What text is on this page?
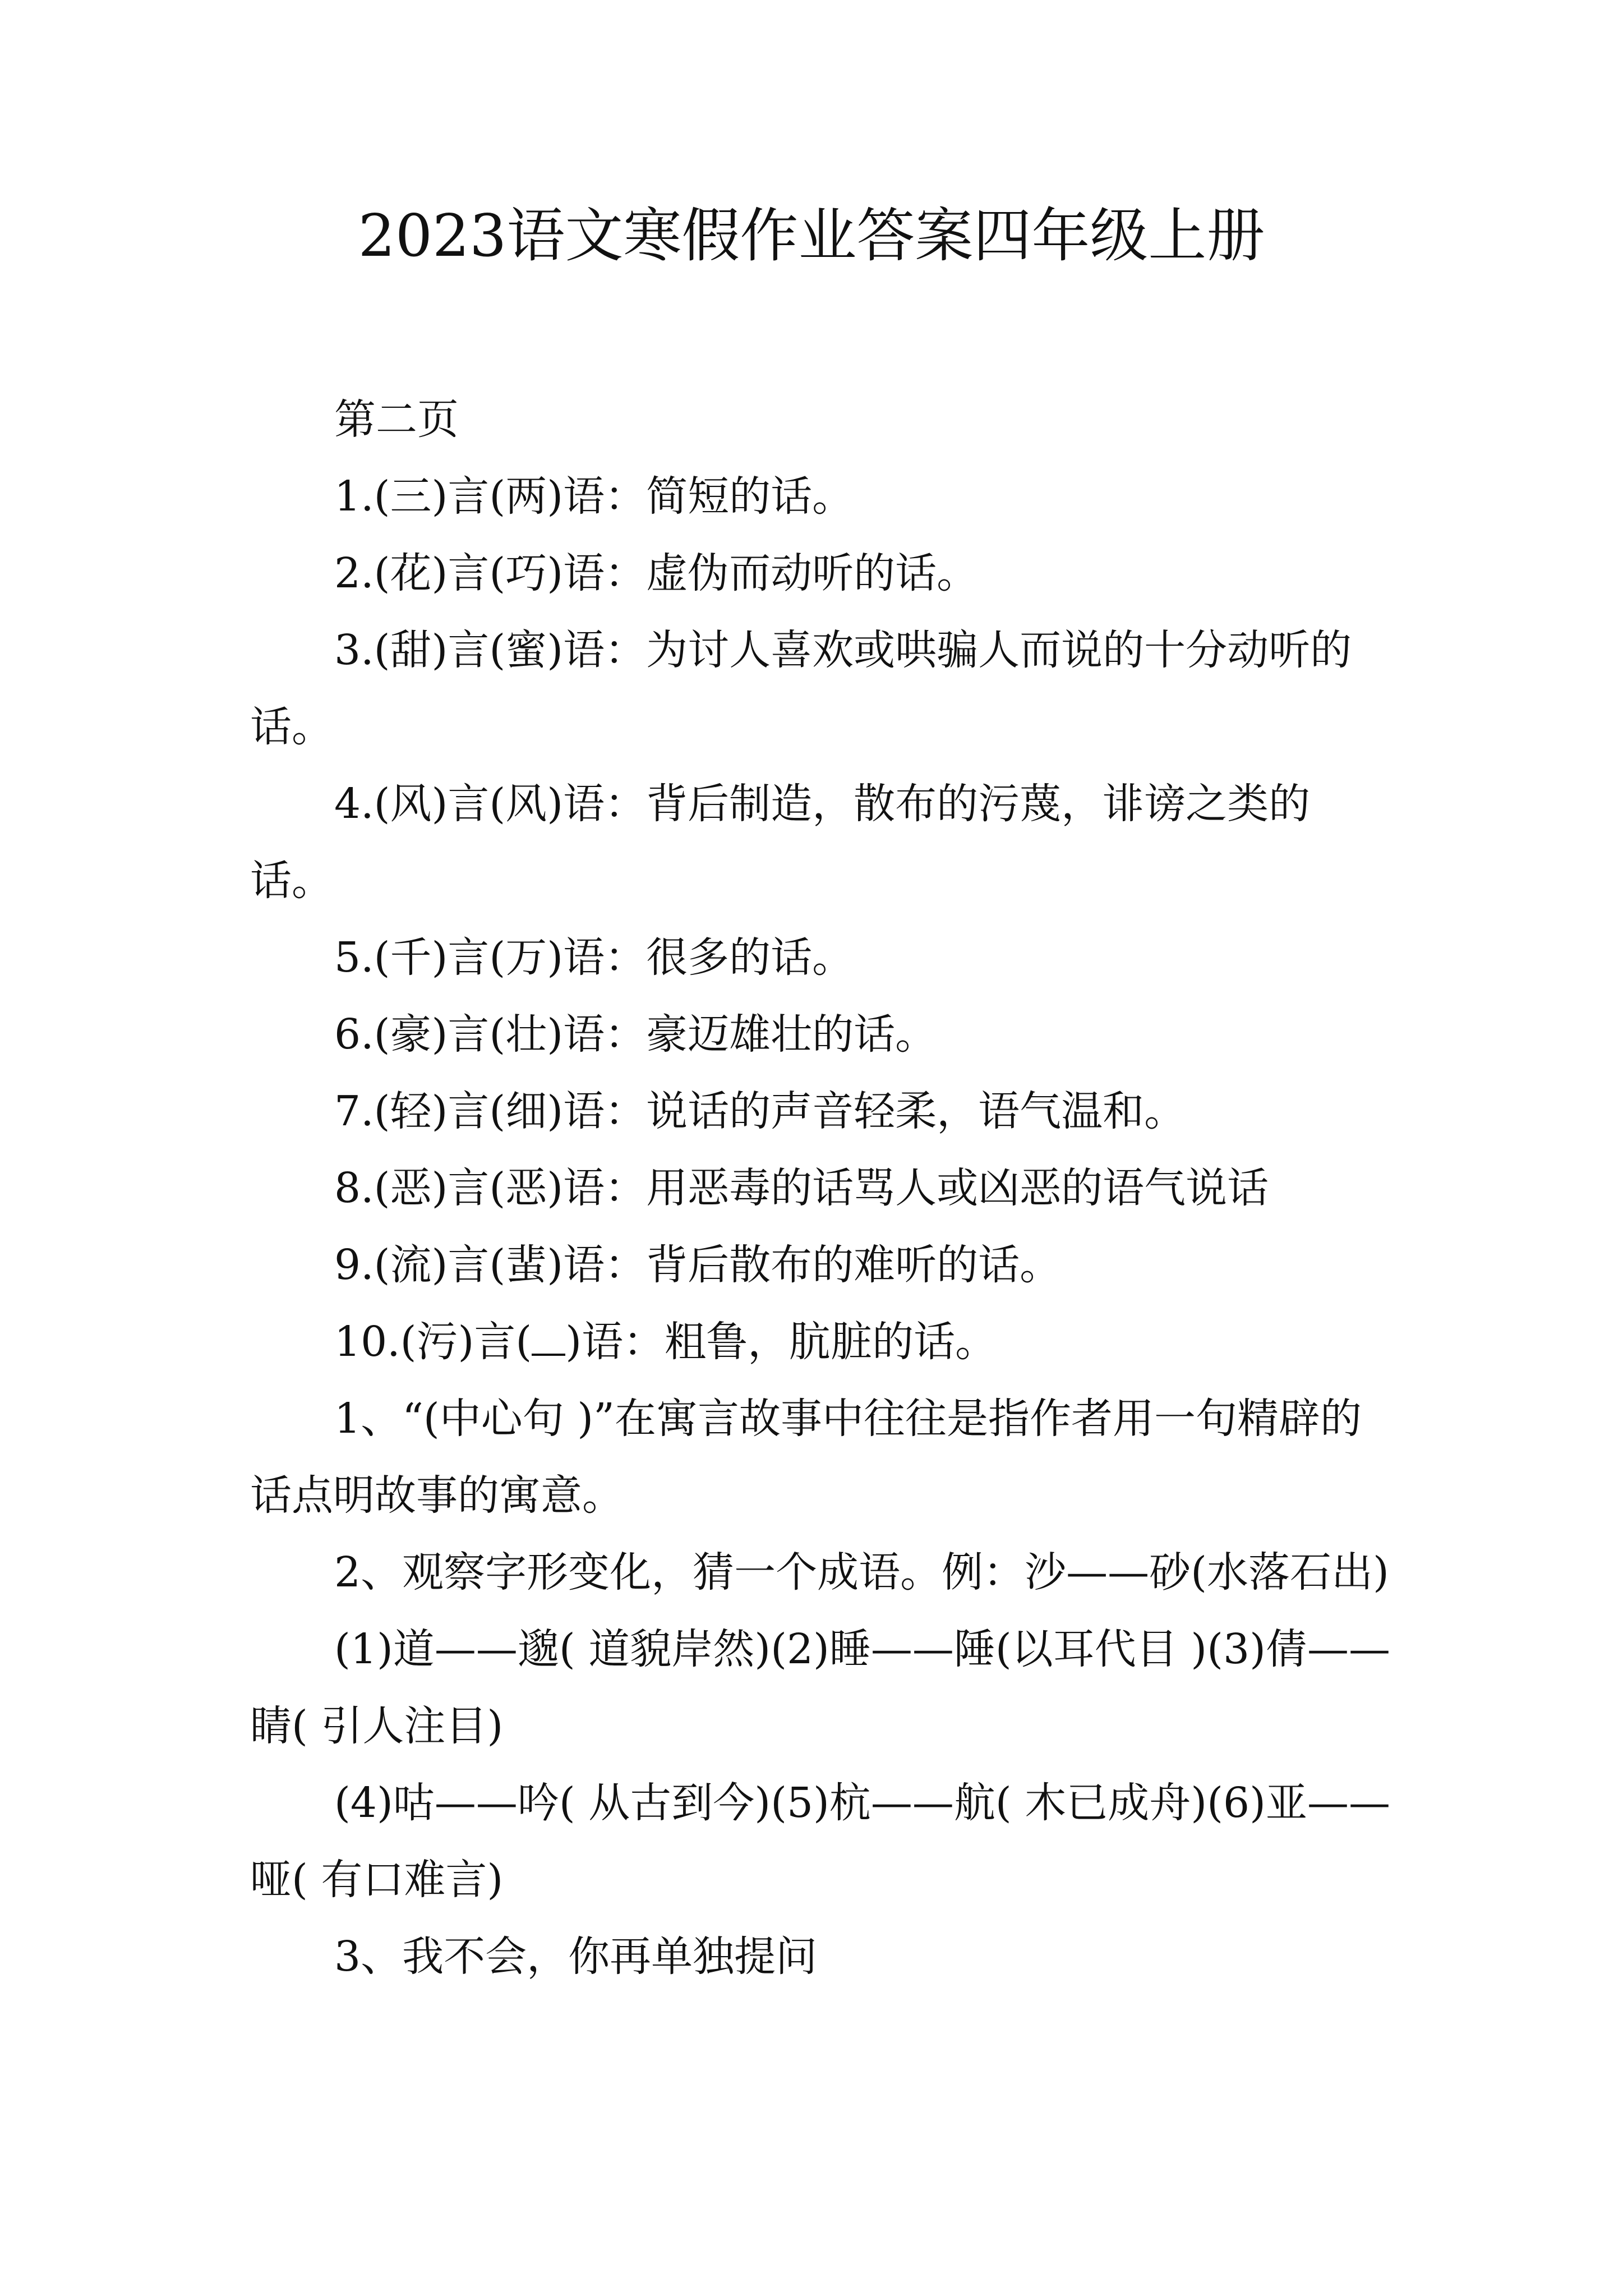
2023语文寒假作业答案四年级上册

第二页

1.(三)言(两)语：简短的话。

2.(花)言(巧)语：虚伪而动听的话。

3.(甜)言(蜜)语：为讨人喜欢或哄骗人而说的十分动听的话。

4.(风)言(风)语：背后制造，散布的污蔑，诽谤之类的话。

5.(千)言(万)语：很多的话。

6.(豪)言(壮)语：豪迈雄壮的话。

7.(轻)言(细)语：说话的声音轻柔，语气温和。

8.(恶)言(恶)语：用恶毒的话骂人或凶恶的语气说话

9.(流)言(蜚)语：背后散布的难听的话。

10.(污)言( )语：粗鲁，肮脏的话。

1、“(中心句 )”在寓言故事中往往是指作者用一句精辟的话点明故事的寓意。

2、观察字形变化，猜一个成语。例：沙——砂(水落石出)

(1)道——邈( 道貌岸然)(2)睡——陲(以耳代目 )(3)倩——睛( 引人注目)

(4)咕——吟( 从古到今)(5)杭——航( 木已成舟)(6)亚——哑( 有口难言)

3、我不会，你再单独提问
